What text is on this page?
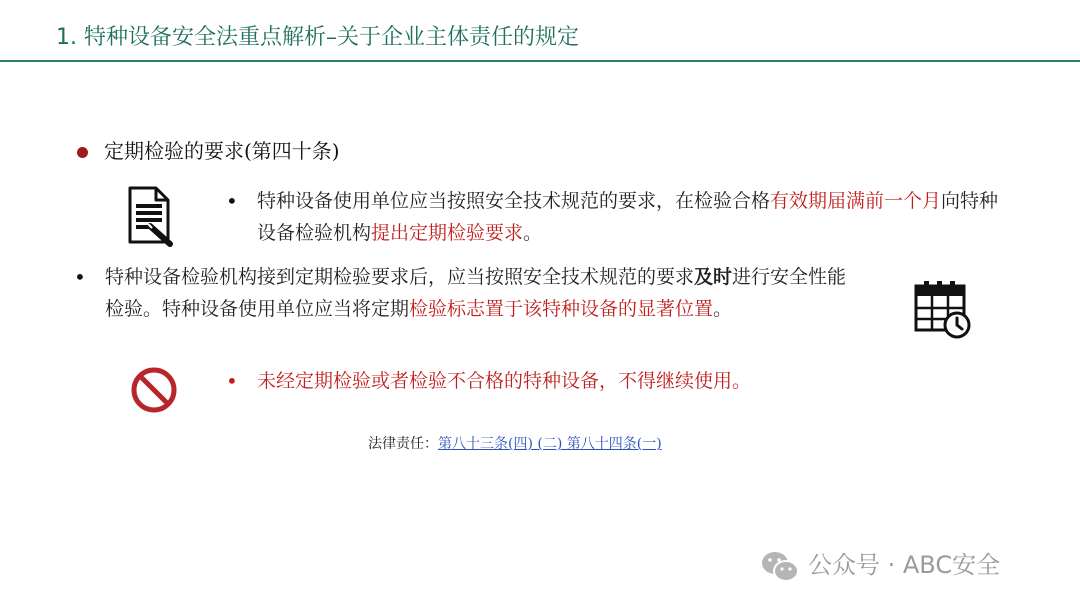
1. 特种设备安全法重点解析–关于企业主体责任的规定
定期检验的要求(第四十条)
• 特种设备使用单位应当按照安全技术规范的要求，在检验合格有效期届满前一个月向特种设备检验机构提出定期检验要求。
• 特种设备检验机构接到定期检验要求后，应当按照安全技术规范的要求及时进行安全性能检验。特种设备使用单位应当将定期检验标志置于该特种设备的显著位置。
• 未经定期检验或者检验不合格的特种设备，不得继续使用。
法律责任：第八十三条(四) (二) 第八十四条(一)
公众号 · ABC安全
